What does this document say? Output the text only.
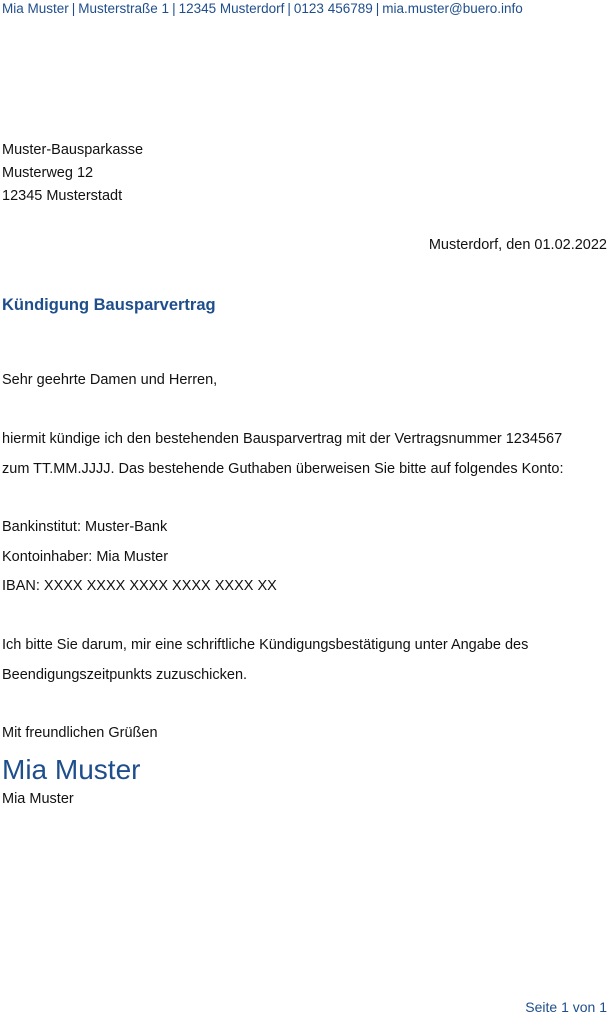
Mia Muster | Musterstraße 1 | 12345 Musterdorf | 0123 456789 | mia.muster@buero.info
Muster-Bausparkasse
Musterweg 12
12345 Musterstadt
Musterdorf, den 01.02.2022
Kündigung Bausparvertrag
Sehr geehrte Damen und Herren,
hiermit kündige ich den bestehenden Bausparvertrag mit der Vertragsnummer 1234567
zum TT.MM.JJJJ. Das bestehende Guthaben überweisen Sie bitte auf folgendes Konto:
Bankinstitut: Muster-Bank
Kontoinhaber: Mia Muster
IBAN: XXXX XXXX XXXX XXXX XXXX XX
Ich bitte Sie darum, mir eine schriftliche Kündigungsbestätigung unter Angabe des
Beendigungszeitpunkts zuzuschicken.
Mit freundlichen Grüßen
Mia Muster
Mia Muster
Seite 1 von 1
